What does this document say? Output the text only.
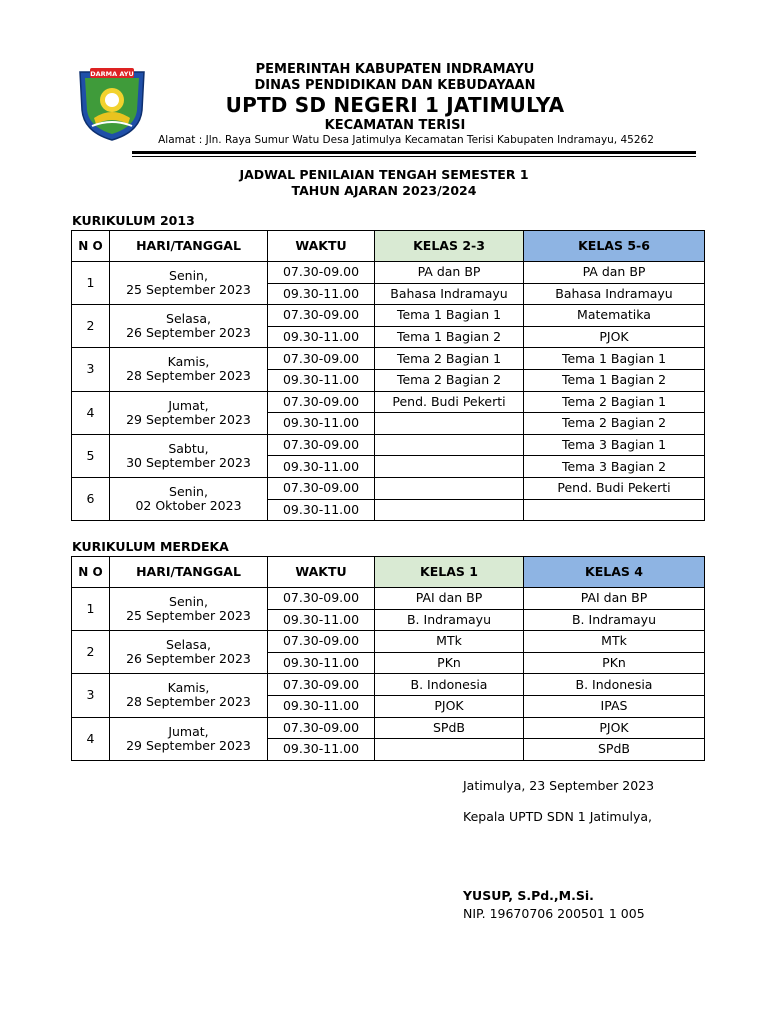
DARMA AYU	PEMERINTAH KABUPATEN INDRAMAYU
DINAS PENDIDIKAN DAN KEBUDAYAAN
UPTD SD NEGERI 1 JATIMULYA
KECAMATAN TERISI
Alamat : Jln. Raya Sumur Watu Desa Jatimulya Kecamatan Terisi Kabupaten Indramayu, 45262
JADWAL PENILAIAN TENGAH SEMESTER 1
TAHUN AJARAN 2023/2024
KURIKULUM 2013
N O	HARI/TANGGAL	WAKTU	KELAS 2-3	KELAS 5-6
1	Senin,
25 September 2023	07.30-09.00	PA dan BP	PA dan BP
		09.30-11.00	Bahasa Indramayu	Bahasa Indramayu
2	Selasa,
26 September 2023	07.30-09.00	Tema 1 Bagian 1	Matematika
		09.30-11.00	Tema 1 Bagian 2	PJOK
3	Kamis,
28 September 2023	07.30-09.00	Tema 2 Bagian 1	Tema 1 Bagian 1
		09.30-11.00	Tema 2 Bagian 2	Tema 1 Bagian 2
4	Jumat,
29 September 2023	07.30-09.00	Pend. Budi Pekerti	Tema 2 Bagian 1
		09.30-11.00		Tema 2 Bagian 2
5	Sabtu,
30 September 2023	07.30-09.00		Tema 3 Bagian 1
		09.30-11.00		Tema 3 Bagian 2
6	Senin,
02 Oktober 2023	07.30-09.00		Pend. Budi Pekerti
		09.30-11.00		
KURIKULUM MERDEKA
N O	HARI/TANGGAL	WAKTU	KELAS 1	KELAS 4
1	Senin,
25 September 2023	07.30-09.00	PAI dan BP	PAI dan BP
		09.30-11.00	B. Indramayu	B. Indramayu
2	Selasa,
26 September 2023	07.30-09.00	MTk	MTk
		09.30-11.00	PKn	PKn
3	Kamis,
28 September 2023	07.30-09.00	B. Indonesia	B. Indonesia
		09.30-11.00	PJOK	IPAS
4	Jumat,
29 September 2023	07.30-09.00	SPdB	PJOK
		09.30-11.00		SPdB
Jatimulya, 23 September 2023
Kepala UPTD SDN 1 Jatimulya,
YUSUP, S.Pd.,M.Si.
NIP. 19670706 200501 1 005
